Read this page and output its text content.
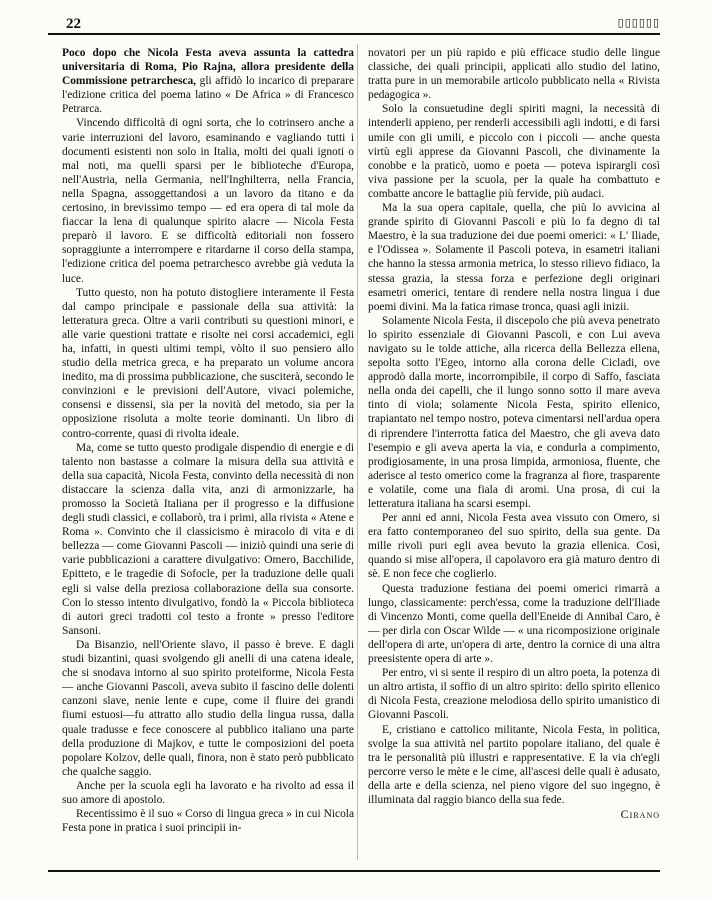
22	▯▯▯▯▯▯

Poco dopo che Nicola Festa aveva assunta la cattedra universitaria di Roma, Pio Rajna, allora presidente della Commissione petrarchesca, gli affidò lo incarico di preparare l'edizione critica del poema latino « De Africa » di Francesco Petrarca.

Vincendo difficoltà di ogni sorta, che lo cotrinsero anche a varie interruzioni del lavoro, esaminando e vagliando tutti i documenti esistenti non solo in Italia, molti dei quali ignoti o mal noti, ma quelli sparsi per le biblioteche d'Europa, nell'Austria, nella Germania, nell'Inghilterra, nella Francia, nella Spagna, assoggettandosi a un lavoro da titano e da certosino, in brevissimo tempo — ed era opera di tal mole da fiaccar la lena di qualunque spirito alacre — Nicola Festa preparò il lavoro. E se difficoltà editoriali non fossero sopraggiunte a interrompere e ritardarne il corso della stampa, l'edizione critica del poema petrarchesco avrebbe già veduta la luce.

Tutto questo, non ha potuto distogliere interamente il Festa dal campo principale e passionale della sua attività: la letteratura greca. Oltre a varii contributi su questioni minori, e alle varie questioni trattate e risolte nei corsi accademici, egli ha, infatti, in questi ultimi tempi, vòlto il suo pensiero allo studio della metrica greca, e ha preparato un volume ancora inedito, ma di prossima pubblicazione, che susciterà, secondo le convinzioni e le previsioni dell'Autore, vivaci polemiche, consensi e dissensi, sia per la novità del metodo, sia per la opposizione risoluta a molte teorie dominanti. Un libro di contro-corrente, quasi di rivolta ideale.

Ma, come se tutto questo prodigale dispendio di energie e di talento non bastasse a colmare la misura della sua attività e della sua capacità, Nicola Festa, convinto della necessità di non distaccare la scienza dalla vita, anzi di armonizzarle, ha promosso la Società Italiana per il progresso e la diffusione degli studi classici, e collaborò, tra i primi, alla rivista « Atene e Roma ». Convinto che il classicismo è miracolo di vita e di bellezza — come Giovanni Pascoli — iniziò quindi una serie di varie pubblicazioni a carattere divulgativo: Omero, Bacchilide, Epitteto, e le tragedie di Sofocle, per la traduzione delle quali egli si valse della preziosa collaborazione della sua consorte. Con lo stesso intento divulgativo, fondò la « Piccola biblioteca di autori greci tradotti col testo a fronte » presso l'editore Sansoni.

Da Bisanzio, nell'Oriente slavo, il passo è breve. E dagli studi bizantini, quasi svolgendo gli anelli di una catena ideale, che si snodava intorno al suo spirito proteiforme, Nicola Festa — anche Giovanni Pascoli, aveva subito il fascino delle dolenti canzoni slave, nenie lente e cupe, come il fluire dei grandi fiumi estuosi—fu attratto allo studio della lingua russa, dalla quale tradusse e fece conoscere al pubblico italiano una parte della produzione di Majkov, e tutte le composizioni del poeta popolare Kolzov, delle quali, finora, non è stato però pubblicato che qualche saggio.

Anche per la scuola egli ha lavorato e ha rivolto ad essa il suo amore di apostolo.

Recentissimo è il suo « Corso di lingua greca » in cui Nicola Festa pone in pratica i suoi principii in-

novatori per un più rapido e più efficace studio delle lingue classiche, dei quali principii, applicati allo studio del latino, tratta pure in un memorabile articolo pubblicato nella « Rivista pedagogica ».

Solo la consuetudine degli spiriti magni, la necessità di intenderli appieno, per renderli accessibili agli indotti, e di farsi umile con gli umili, e piccolo con i piccoli — anche questa virtù egli apprese da Giovanni Pascoli, che divinamente la conobbe e la praticò, uomo e poeta — poteva ispirargli così viva passione per la scuola, per la quale ha combattuto e combatte ancore le battaglie più fervide, più audaci.

Ma la sua opera capitale, quella, che più lo avvicina al grande spirito di Giovanni Pascoli e più lo fa degno di tal Maestro, è la sua traduzione dei due poemi omerici: « L' Iliade, e l'Odissea ». Solamente il Pascoli poteva, in esametri italiani che hanno la stessa armonia metrica, lo stesso rilievo fidiaco, la stessa grazia, la stessa forza e perfezione degli originari esametri omerici, tentare di rendere nella nostra lingua i due poemi divini. Ma la fatica rimase tronca, quasi agli inizii.

Solamente Nicola Festa, il discepolo che più aveva penetrato lo spirito essenziale di Giovanni Pascoli, e con Lui aveva navigato su le tolde attiche, alla ricerca della Bellezza ellena, sepolta sotto l'Egeo, intorno alla corona delle Cicladi, ove approdò dalla morte, incorrompibile, il corpo di Saffo, fasciata nella onda dei capelli, che il lungo sonno sotto il mare aveva tinto di viola; solamente Nicola Festa, spirito ellenico, trapiantato nel tempo nostro, poteva cimentarsi nell'ardua opera di riprendere l'interrotta fatica del Maestro, che gli aveva dato l'esempio e gli aveva aperta la via, e condurla a compimento, prodigiosamente, in una prosa limpida, armoniosa, fluente, che aderisce al testo omerico come la fragranza al fiore, trasparente e volatile, come una fiala di aromi. Una prosa, di cui la letteratura italiana ha scarsi esempi.

Per anni ed anni, Nicola Festa avea vissuto con Omero, si era fatto contemporaneo del suo spirito, della sua gente. Da mille rivoli puri egli avea bevuto la grazia ellenica. Così, quando si mise all'opera, il capolavoro era già maturo dentro di sè. E non fece che coglierlo.

Questa traduzione festiana dei poemi omerici rimarrà a lungo, classicamente: perch'essa, come la traduzione dell'Iliade di Vincenzo Monti, come quella dell'Eneide di Annibal Caro, è — per dirla con Oscar Wilde — « una ricomposizione originale dell'opera di arte, un'opera di arte, dentro la cornice di una altra preesistente opera di arte ».

Per entro, vi si sente il respiro di un altro poeta, la potenza di un altro artista, il soffio di un altro spirito: dello spirito ellenico di Nicola Festa, creazione melodiosa dello spirito umanistico di Giovanni Pascoli.

E, cristiano e cattolico militante, Nicola Festa, in politica, svolge la sua attività nel partito popolare italiano, del quale è tra le personalità più illustri e rappresentative. E la via ch'egli percorre verso le mète e le cime, all'ascesi delle quali è adusato, della arte e della scienza, nel pieno vigore del suo ingegno, è illuminata dal raggio bianco della sua fede.

Cirano
